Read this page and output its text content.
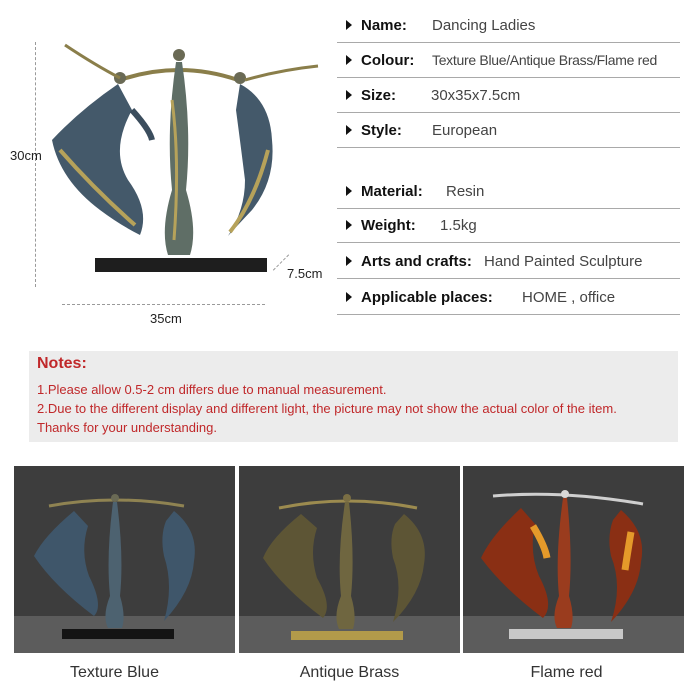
30cm
35cm
7.5cm
Name: Dancing Ladies
Colour: Texture Blue/Antique Brass/Flame red
Size: 30x35x7.5cm
Style: European
Material: Resin
Weight: 1.5kg
Arts and crafts: Hand Painted Sculpture
Applicable places: HOME , office
Notes:
1.Please allow 0.5-2 cm differs due to manual measurement.
2.Due to the different display and different light, the picture may not show the actual color of the item.
Thanks for your understanding.
Texture Blue	Antique Brass	Flame red
